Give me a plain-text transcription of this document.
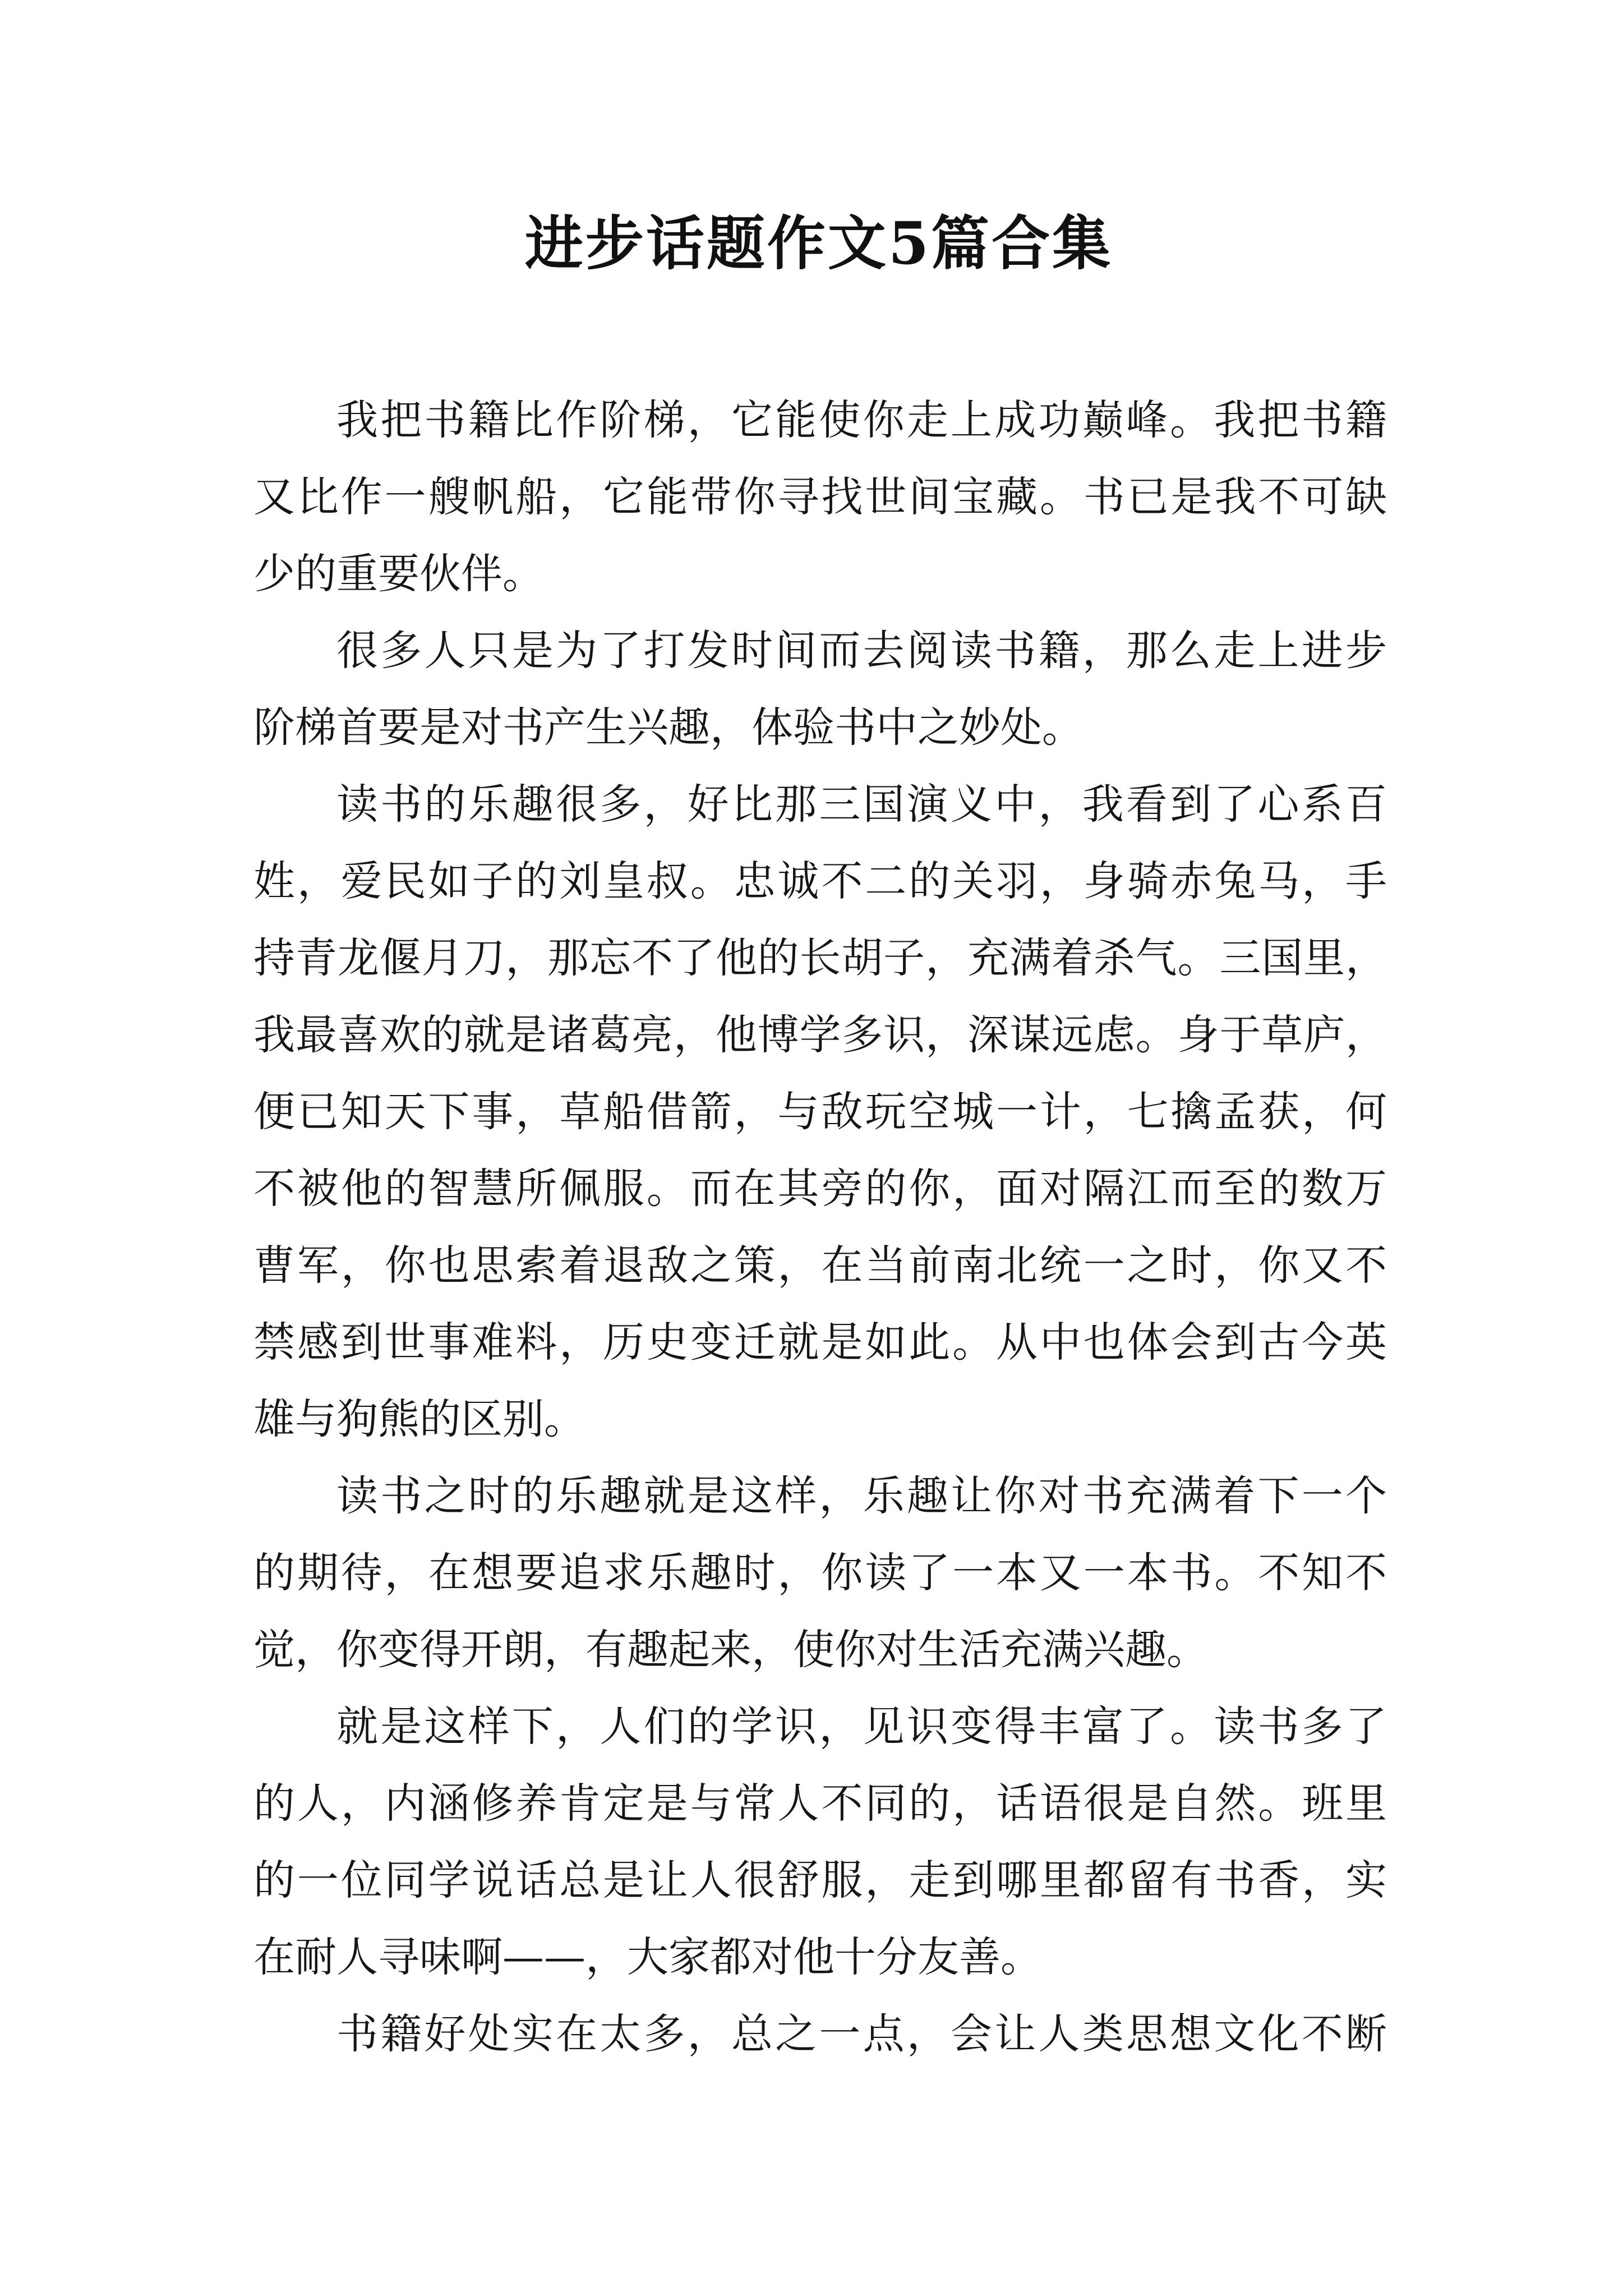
进步话题作文5篇合集
我把书籍比作阶梯，它能使你走上成功巅峰。我把书籍
又比作一艘帆船，它能带你寻找世间宝藏。书已是我不可缺
少的重要伙伴。
很多人只是为了打发时间而去阅读书籍，那么走上进步
阶梯首要是对书产生兴趣，体验书中之妙处。
读书的乐趣很多，好比那三国演义中，我看到了心系百
姓，爱民如子的刘皇叔。忠诚不二的关羽，身骑赤兔马，手
持青龙偃月刀，那忘不了他的长胡子，充满着杀气。三国里，
我最喜欢的就是诸葛亮，他博学多识，深谋远虑。身于草庐，
便已知天下事，草船借箭，与敌玩空城一计，七擒孟获，何
不被他的智慧所佩服。而在其旁的你，面对隔江而至的数万
曹军，你也思索着退敌之策，在当前南北统一之时，你又不
禁感到世事难料，历史变迁就是如此。从中也体会到古今英
雄与狗熊的区别。
读书之时的乐趣就是这样，乐趣让你对书充满着下一个
的期待，在想要追求乐趣时，你读了一本又一本书。不知不
觉，你变得开朗，有趣起来，使你对生活充满兴趣。
就是这样下，人们的学识，见识变得丰富了。读书多了
的人，内涵修养肯定是与常人不同的，话语很是自然。班里
的一位同学说话总是让人很舒服，走到哪里都留有书香，实
在耐人寻味啊——，大家都对他十分友善。
书籍好处实在太多，总之一点，会让人类思想文化不断
